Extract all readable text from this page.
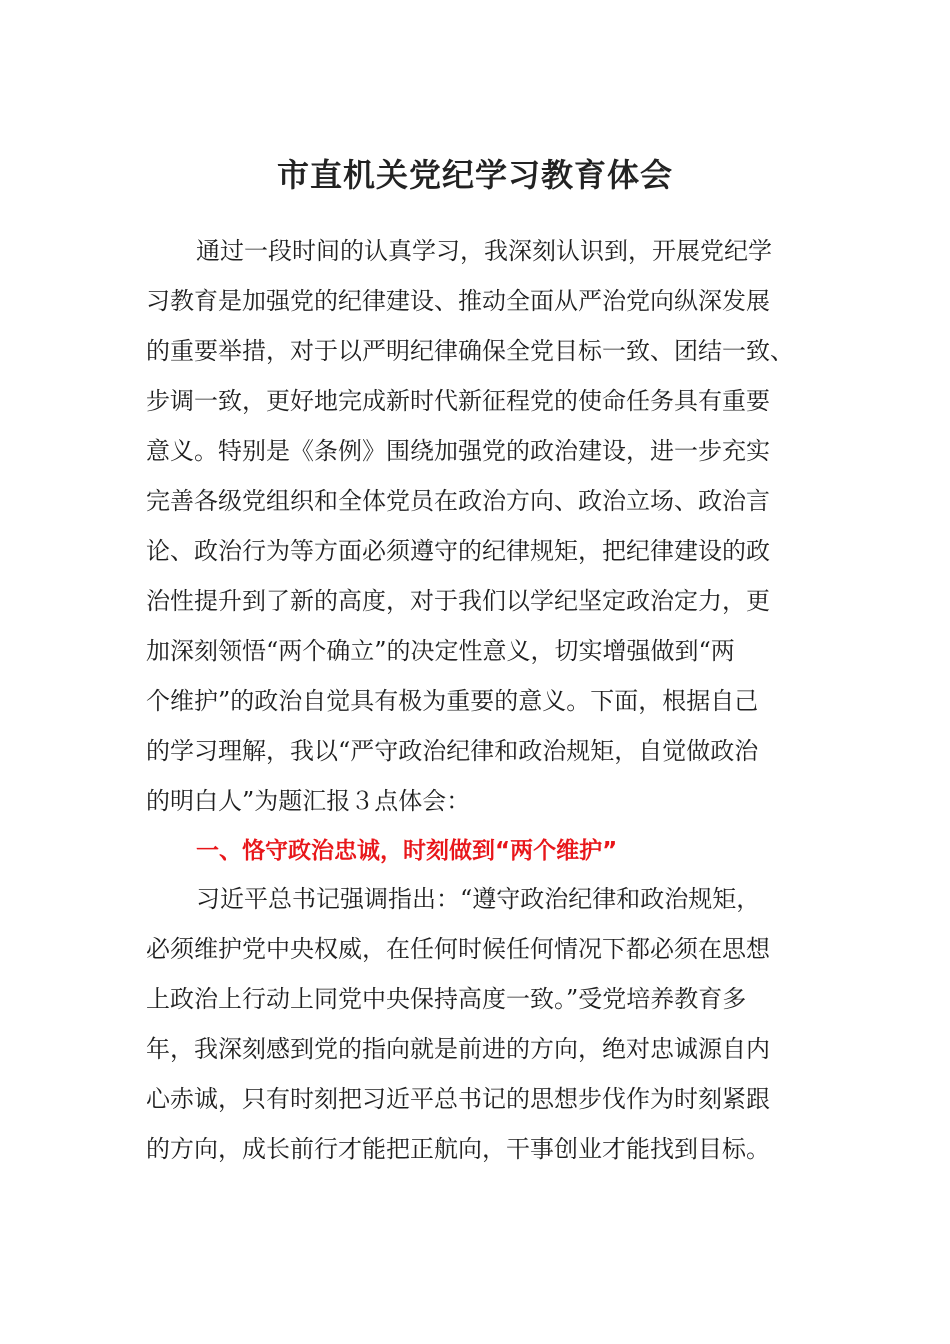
市直机关党纪学习教育体会
通过一段时间的认真学习，我深刻认识到，开展党纪学
习教育是加强党的纪律建设、推动全面从严治党向纵深发展
的重要举措，对于以严明纪律确保全党目标一致、团结一致、
步调一致，更好地完成新时代新征程党的使命任务具有重要
意义。特别是《条例》围绕加强党的政治建设，进一步充实
完善各级党组织和全体党员在政治方向、政治立场、政治言
论、政治行为等方面必须遵守的纪律规矩，把纪律建设的政
治性提升到了新的高度，对于我们以学纪坚定政治定力，更
加深刻领悟“两个确立”的决定性意义，切实增强做到“两
个维护”的政治自觉具有极为重要的意义。下面，根据自己
的学习理解，我以“严守政治纪律和政治规矩，自觉做政治
的明白人”为题汇报３点体会：
一、恪守政治忠诚，时刻做到“两个维护”
习近平总书记强调指出：“遵守政治纪律和政治规矩，
必须维护党中央权威，在任何时候任何情况下都必须在思想
上政治上行动上同党中央保持高度一致。”受党培养教育多
年，我深刻感到党的指向就是前进的方向，绝对忠诚源自内
心赤诚，只有时刻把习近平总书记的思想步伐作为时刻紧跟
的方向，成长前行才能把正航向，干事创业才能找到目标。
